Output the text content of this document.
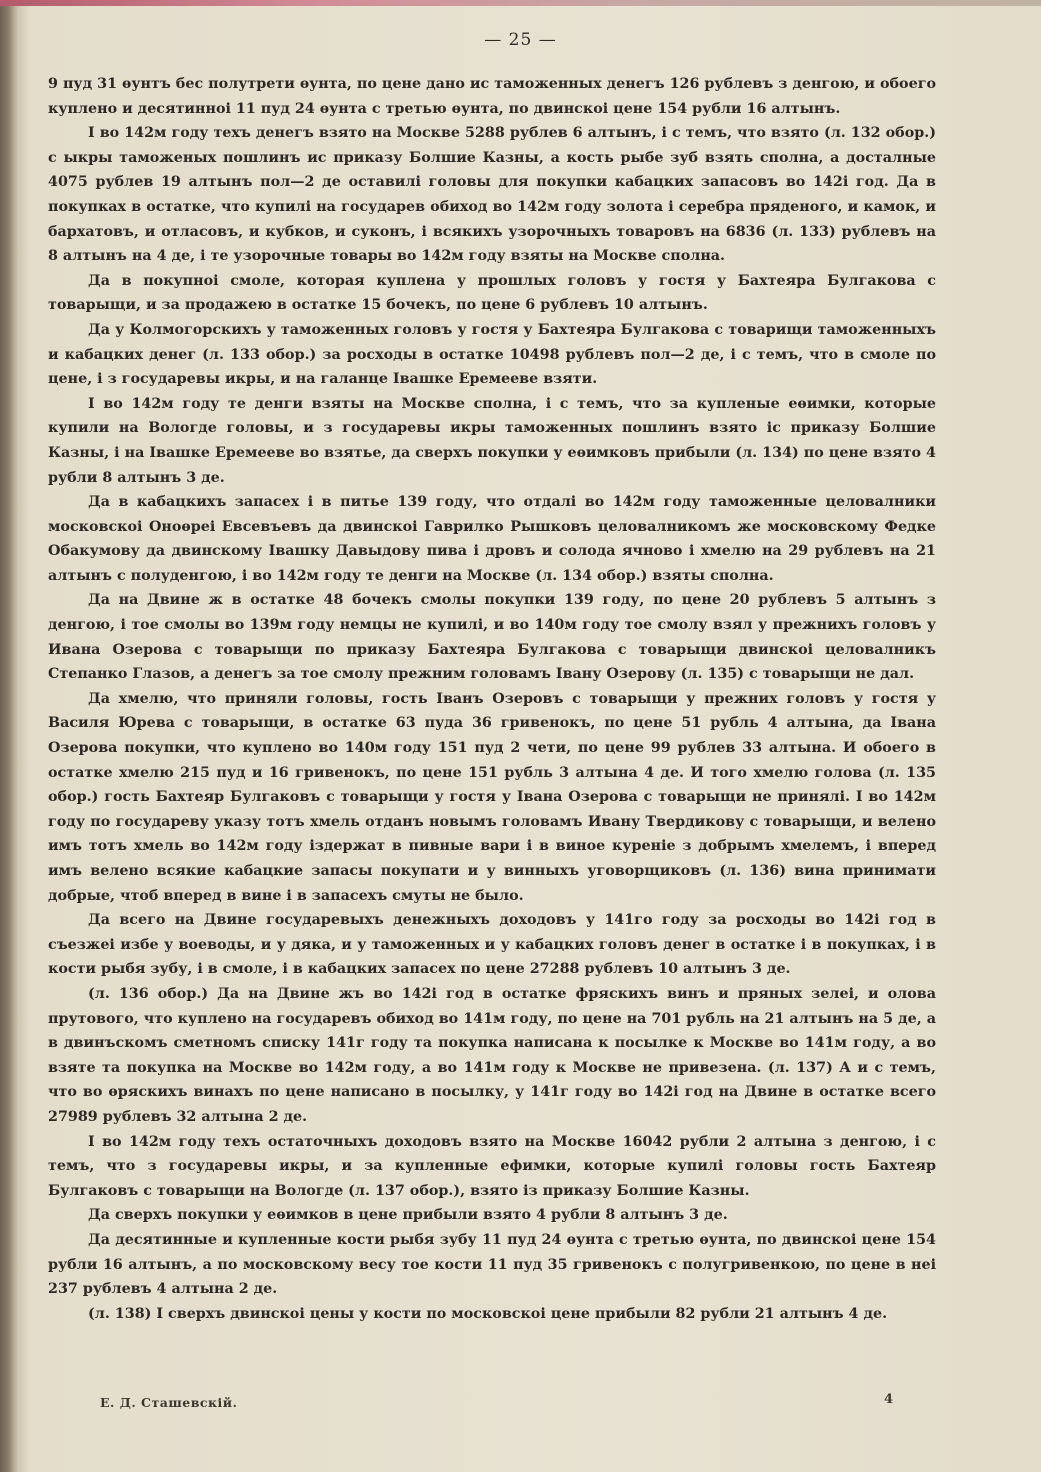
— 25 —

9 пуд 31 ѳунтъ бес полутрети ѳунта, по цене дано ис таможенных денегъ 126 рублевъ з денгою, и обоего куплено и десятинноі 11 пуд 24 ѳунта с третью ѳунта, по двинскоі цене 154 рубли 16 алтынъ.

I во 142м году техъ денегъ взято на Москве 5288 рублев 6 алтынъ, і с темъ, что взято (л. 132 обор.) с ыкры таможеных пошлинъ ис приказу Болшие Казны, а кость рыбе зуб взять сполна, а досталные 4075 рублев 19 алтынъ пол—2 де оставилі головы для покупки кабацких запасовъ во 142і год. Да в покупках в остатке, что купилі на государев обиход во 142м году золота і серебра пряденого, и камок, и бархатовъ, и отласовъ, и кубков, и суконъ, і всякихъ узорочныхъ товаровъ на 6836 (л. 133) рублевъ на 8 алтынъ на 4 де, і те узорочные товары во 142м году взяты на Москве сполна.

Да в покупноі смоле, которая куплена у прошлых головъ у гостя у Бахтеяра Булгакова с товарыщи, и за продажею в остатке 15 бочекъ, по цене 6 рублевъ 10 алтынъ.

Да у Колмогорскихъ у таможенных головъ у гостя у Бахтеяра Булгакова с товарищи таможенныхъ и кабацких денег (л. 133 обор.) за росходы в остатке 10498 рублевъ пол—2 де, і с темъ, что в смоле по цене, і з государевы икры, и на галанце Івашке Еремееве взяти.

I во 142м году те денги взяты на Москве сполна, і с темъ, что за купленые еѳимки, которые купили на Вологде головы, и з государевы икры таможенных пошлинъ взято іс приказу Болшие Казны, і на Івашке Еремееве во взятье, да сверхъ покупки у еѳимковъ прибыли (л. 134) по цене взято 4 рубли 8 алтынъ 3 де.

Да в кабацкихъ запасех і в питье 139 году, что отдалі во 142м году таможенные целовалники московскоі Оноѳреі Евсевъевъ да двинскоі Гаврилко Рышковъ целовалникомъ же московскому Федке Обакумову да двинскому Івашку Давыдову пива і дровъ и солода ячново і хмелю на 29 рублевъ на 21 алтынъ с полуденгою, і во 142м году те денги на Москве (л. 134 обор.) взяты сполна.

Да на Двине ж в остатке 48 бочекъ смолы покупки 139 году, по цене 20 рублевъ 5 алтынъ з денгою, і тое смолы во 139м году немцы не купилі, и во 140м году тое смолу взял у прежнихъ головъ у Ивана Озерова с товарыщи по приказу Бахтеяра Булгакова с товарыщи двинскоі целовалникъ Степанко Глазов, а денегъ за тое смолу прежним головамъ Івану Озерову (л. 135) с товарыщи не дал.

Да хмелю, что приняли головы, гость Іванъ Озеровъ с товарыщи у прежних головъ у гостя у Василя Юрева с товарыщи, в остатке 63 пуда 36 гривенокъ, по цене 51 рубль 4 алтына, да Івана Озерова покупки, что куплено во 140м году 151 пуд 2 чети, по цене 99 рублев 33 алтына. И обоего в остатке хмелю 215 пуд и 16 гривенокъ, по цене 151 рубль 3 алтына 4 де. И того хмелю голова (л. 135 обор.) гость Бахтеяр Булгаковъ с товарыщи у гостя у Івана Озерова с товарыщи не принялі. I во 142м году по государеву указу тотъ хмель отданъ новымъ головамъ Ивану Твердикову с товарыщи, и велено имъ тотъ хмель во 142м году іздержат в пивные вари і в виное куреніе з добрымъ хмелемъ, і вперед имъ велено всякие кабацкие запасы покупати и у винныхъ уговорщиковъ (л. 136) вина принимати добрые, чтоб вперед в вине і в запасехъ смуты не было.

Да всего на Двине государевыхъ денежныхъ доходовъ у 141го году за росходы во 142і год в съезжеі избе у воеводы, и у дяка, и у таможенных и у кабацких головъ денег в остатке і в покупках, і в кости рыбя зубу, і в смоле, і в кабацких запасех по цене 27288 рублевъ 10 алтынъ 3 де.

(л. 136 обор.) Да на Двине жъ во 142і год в остатке фряскихъ винъ и пряных зелеі, и олова прутового, что куплено на государевъ обиход во 141м году, по цене на 701 рубль на 21 алтынъ на 5 де, а в двинъскомъ сметномъ списку 141г году та покупка написана к посылке к Москве во 141м году, а во взяте та покупка на Москве во 142м году, а во 141м году к Москве не привезена. (л. 137) А и с темъ, что во ѳряскихъ винахъ по цене написано в посылку, у 141г году во 142і год на Двине в остатке всего 27989 рублевъ 32 алтына 2 де.

I во 142м году техъ остаточныхъ доходовъ взято на Москве 16042 рубли 2 алтына з денгою, і с темъ, что з государевы икры, и за купленные ефимки, которые купилі головы гость Бахтеяр Булгаковъ с товарыщи на Вологде (л. 137 обор.), взято із приказу Болшие Казны.

Да сверхъ покупки у еѳимков в цене прибыли взято 4 рубли 8 алтынъ 3 де.

Да десятинные и купленные кости рыбя зубу 11 пуд 24 ѳунта с третью ѳунта, по двинскоі цене 154 рубли 16 алтынъ, а по московскому весу тое кости 11 пуд 35 гривенокъ с полугривенкою, по цене в неі 237 рублевъ 4 алтына 2 де.

(л. 138) I сверхъ двинскоі цены у кости по московскоі цене прибыли 82 рубли 21 алтынъ 4 де.

Е. Д. Сташевскій.	4
